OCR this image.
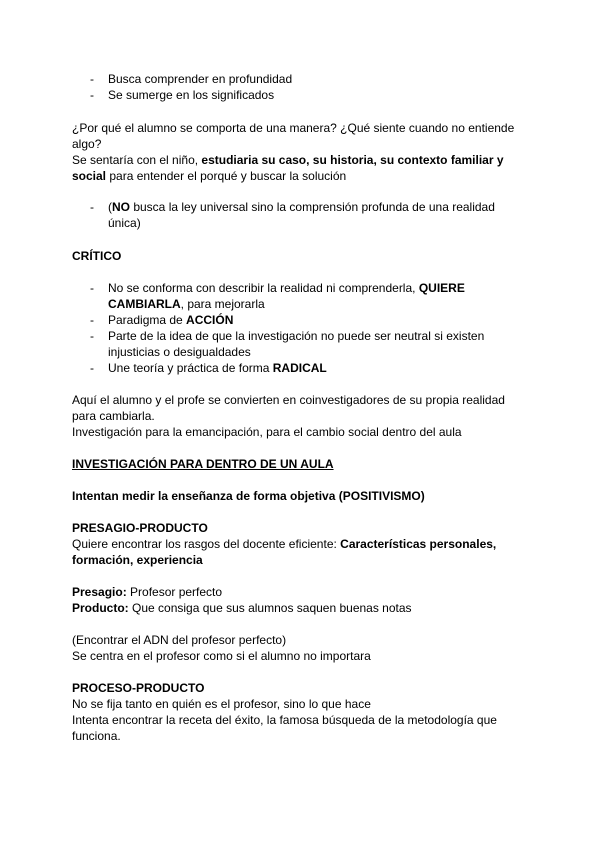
- Busca comprender en profundidad
- Se sumerge en los significados
¿Por qué el alumno se comporta de una manera? ¿Qué siente cuando no entiende algo?
Se sentaría con el niño, estudiaria su caso, su historia, su contexto familiar y social para entender el porqué y buscar la solución
- (NO busca la ley universal sino la comprensión profunda de una realidad única)
CRÍTICO
- No se conforma con describir la realidad ni comprenderla, QUIERE CAMBIARLA, para mejorarla
- Paradigma de ACCIÓN
- Parte de la idea de que la investigación no puede ser neutral si existen injusticias o desigualdades
- Une teoría y práctica de forma RADICAL
Aquí el alumno y el profe se convierten en coinvestigadores de su propia realidad para cambiarla.
Investigación para la emancipación, para el cambio social dentro del aula
INVESTIGACIÓN PARA DENTRO DE UN AULA
Intentan medir la enseñanza de forma objetiva (POSITIVISMO)
PRESAGIO-PRODUCTO
Quiere encontrar los rasgos del docente eficiente: Características personales, formación, experiencia
Presagio: Profesor perfecto
Producto: Que consiga que sus alumnos saquen buenas notas
(Encontrar el ADN del profesor perfecto)
Se centra en el profesor como si el alumno no importara
PROCESO-PRODUCTO
No se fija tanto en quién es el profesor, sino lo que hace
Intenta encontrar la receta del éxito, la famosa búsqueda de la metodología que funciona.
